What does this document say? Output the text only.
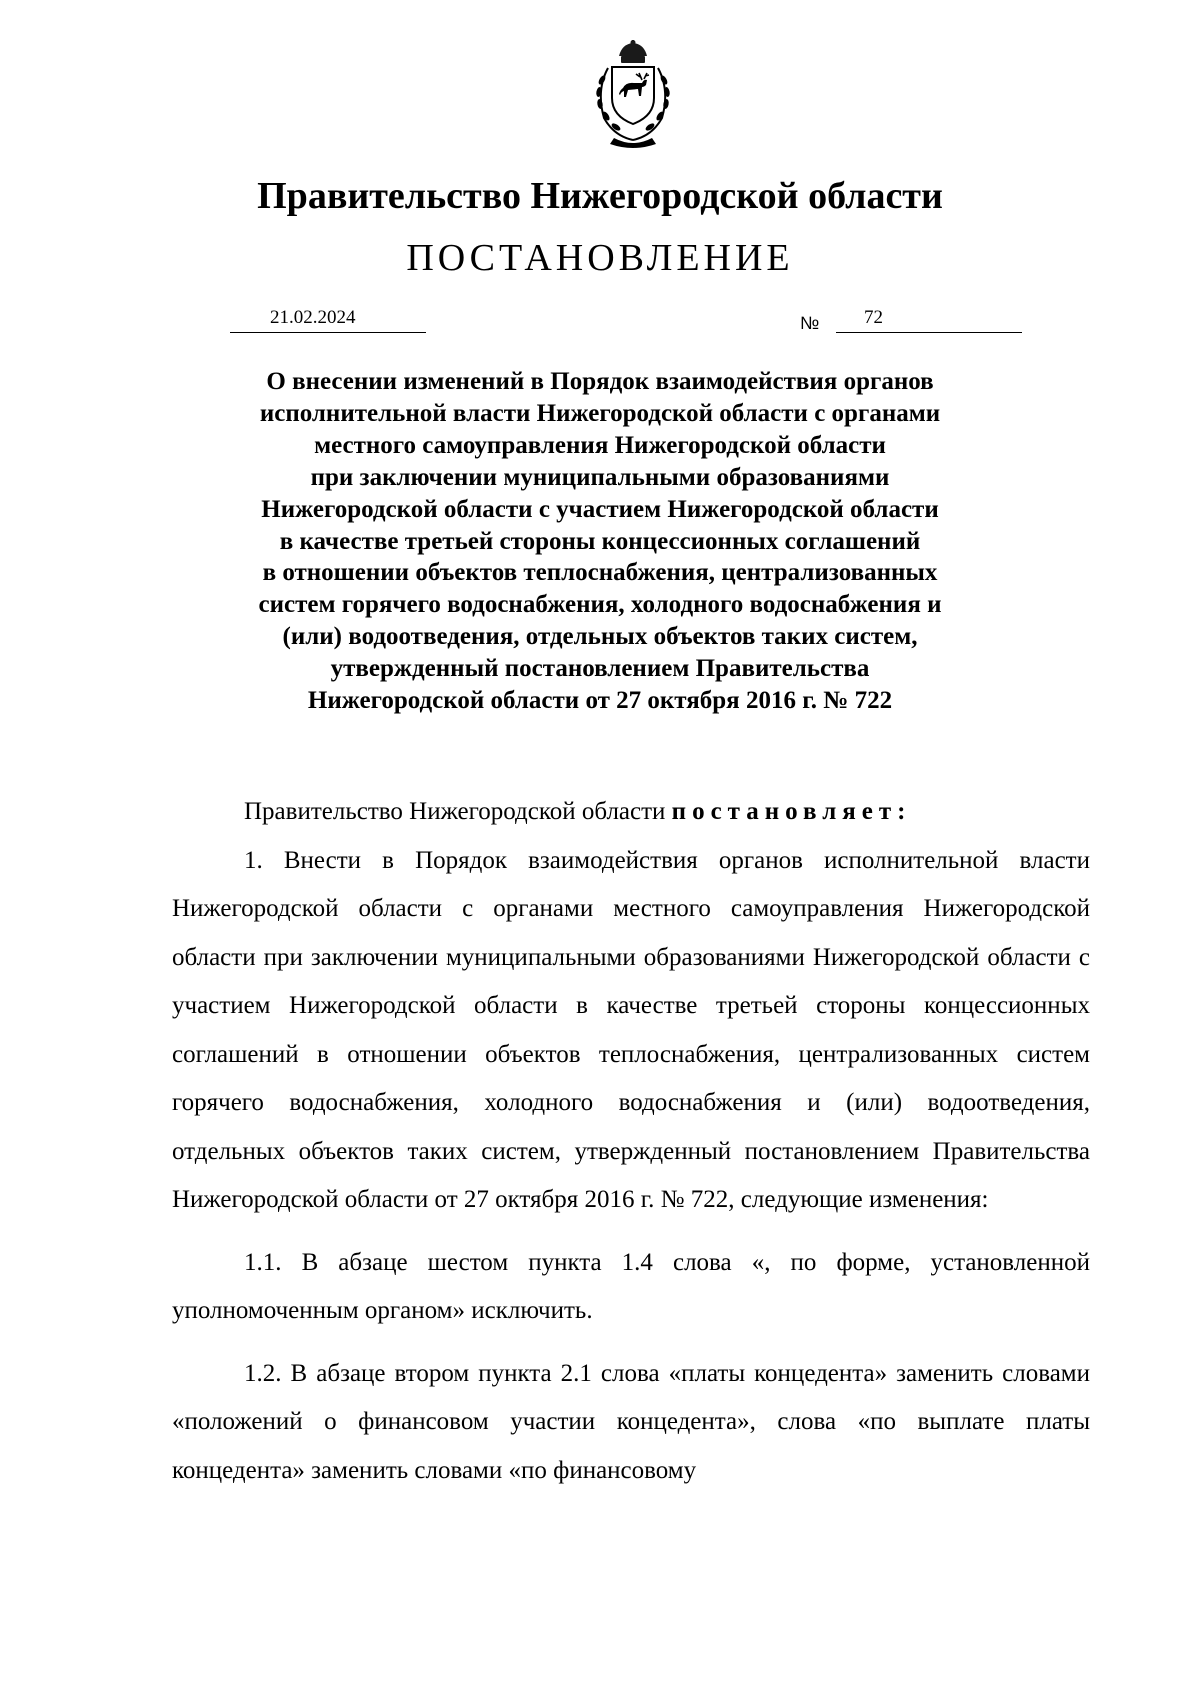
Правительство Нижегородской области
ПОСТАНОВЛЕНИЕ
21.02.2024	№ 72
О внесении изменений в Порядок взаимодействия органов
исполнительной власти Нижегородской области с органами
местного самоуправления Нижегородской области
при заключении муниципальными образованиями
Нижегородской области с участием Нижегородской области
в качестве третьей стороны концессионных соглашений
в отношении объектов теплоснабжения, централизованных
систем горячего водоснабжения, холодного водоснабжения и
(или) водоотведения, отдельных объектов таких систем,
утвержденный постановлением Правительства
Нижегородской области от 27 октября 2016 г. № 722

Правительство Нижегородской области постановляет:

1. Внести в Порядок взаимодействия органов исполнительной власти Нижегородской области с органами местного самоуправления Нижегородской области при заключении муниципальными образованиями Нижегородской области с участием Нижегородской области в качестве третьей стороны концессионных соглашений в отношении объектов теплоснабжения, централизованных систем горячего водоснабжения, холодного водоснабжения и (или) водоотведения, отдельных объектов таких систем, утвержденный постановлением Правительства Нижегородской области от 27 октября 2016 г. № 722, следующие изменения:

1.1. В абзаце шестом пункта 1.4 слова «, по форме, установленной уполномоченным органом» исключить.

1.2. В абзаце втором пункта 2.1 слова «платы концедента» заменить словами «положений о финансовом участии концедента», слова «по выплате платы концедента» заменить словами «по финансовому
